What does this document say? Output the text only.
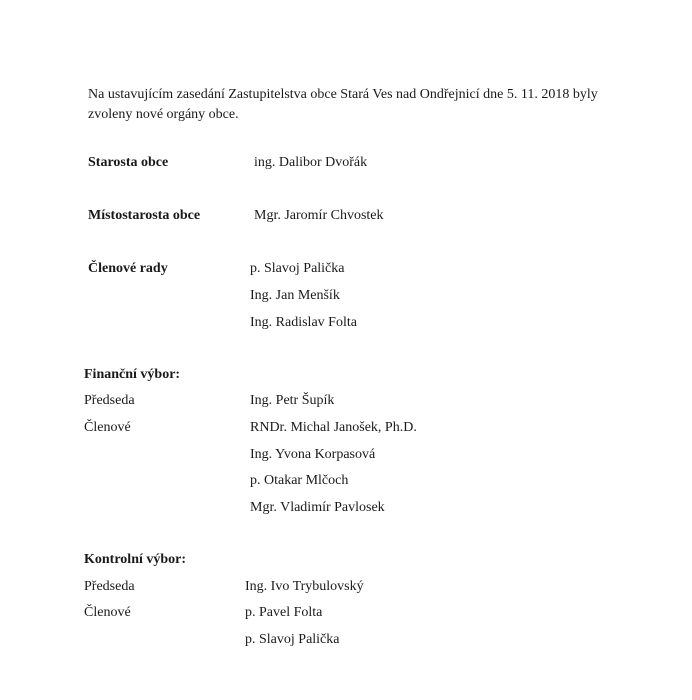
Na ustavujícím zasedání Zastupitelstva obce Stará Ves nad Ondřejnicí dne 5. 11. 2018 byly
zvoleny nové orgány obce.
Starosta obce	ing. Dalibor Dvořák
Místostarosta obce	Mgr. Jaromír Chvostek
Členové rady	p. Slavoj Palička
Ing. Jan Menšík
Ing. Radislav Folta
Finanční výbor:
Předseda	Ing. Petr Šupík
Členové	RNDr. Michal Janošek, Ph.D.
Ing. Yvona Korpasová
p. Otakar Mlčoch
Mgr. Vladimír Pavlosek
Kontrolní výbor:
Předseda	Ing. Ivo Trybulovský
Členové	p. Pavel Folta
p. Slavoj Palička
